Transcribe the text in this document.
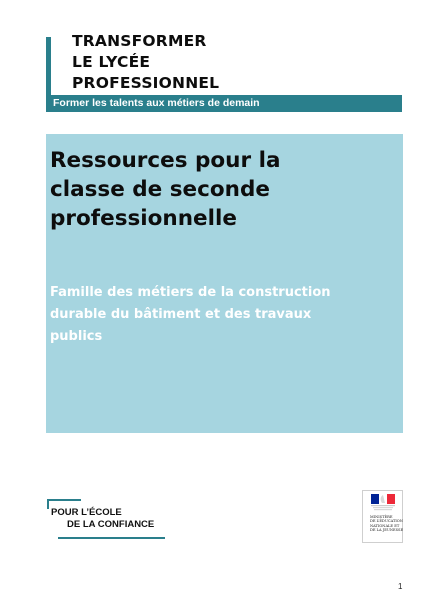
TRANSFORMER
LE LYCÉE
PROFESSIONNEL
Former les talents aux métiers de demain
Ressources pour la
classe de seconde
professionnelle
Famille des métiers de la construction
durable du bâtiment et des travaux
publics
POUR L’ÉCOLE
DE LA CONFIANCE
MINISTÈRE
DE L’ÉDUCATION
NATIONALE ET
DE LA JEUNESSE
1
